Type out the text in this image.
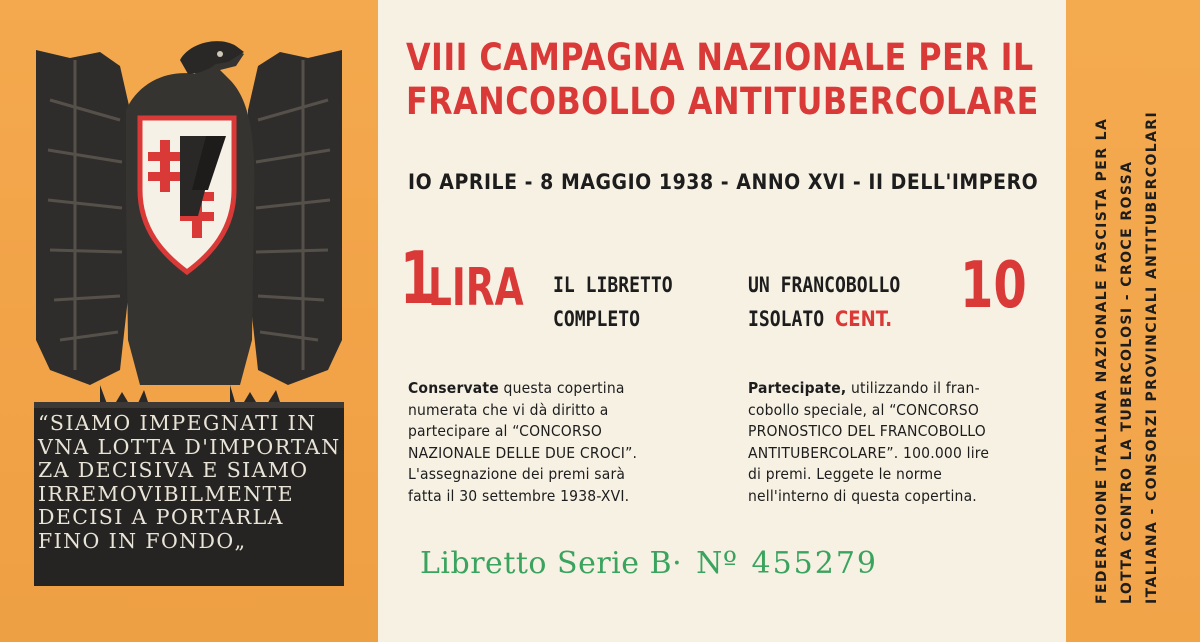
“SIAMO IMPEGNATI IN
VNA LOTTA D'IMPORTAN
ZA DECISIVA E SIAMO
IRREMOVIBILMENTE
DECISI A PORTARLA
FINO IN FONDO„
VIII CAMPAGNA NAZIONALE PER IL
FRANCOBOLLO ANTITUBERCOLARE
IO APRILE - 8 MAGGIO 1938 - ANNO XVI - II DELL'IMPERO
1
LIRA IL LIBRETTO
COMPLETO
UN FRANCOBOLLO
ISOLATO CENT. 10
Conservate questa copertina
numerata che vi dà diritto a
partecipare al “CONCORSO
NAZIONALE DELLE DUE CROCI”.
L'assegnazione dei premi sarà
fatta il 30 settembre 1938-XVI.
Partecipate, utilizzando il fran-
cobollo speciale, al “CONCORSO
PRONOSTICO DEL FRANCOBOLLO
ANTITUBERCOLARE”. 100.000 lire
di premi. Leggete le norme
nell'interno di questa copertina.
Libretto Serie B· Nº 455279	FEDERAZIONE ITALIANA NAZIONALE FASCISTA PER LA LOTTA CONTRO LA TUBERCOLOSI - CROCE ROSSA ITALIANA - CONSORZI PROVINCIALI ANTITUBERCOLARI
